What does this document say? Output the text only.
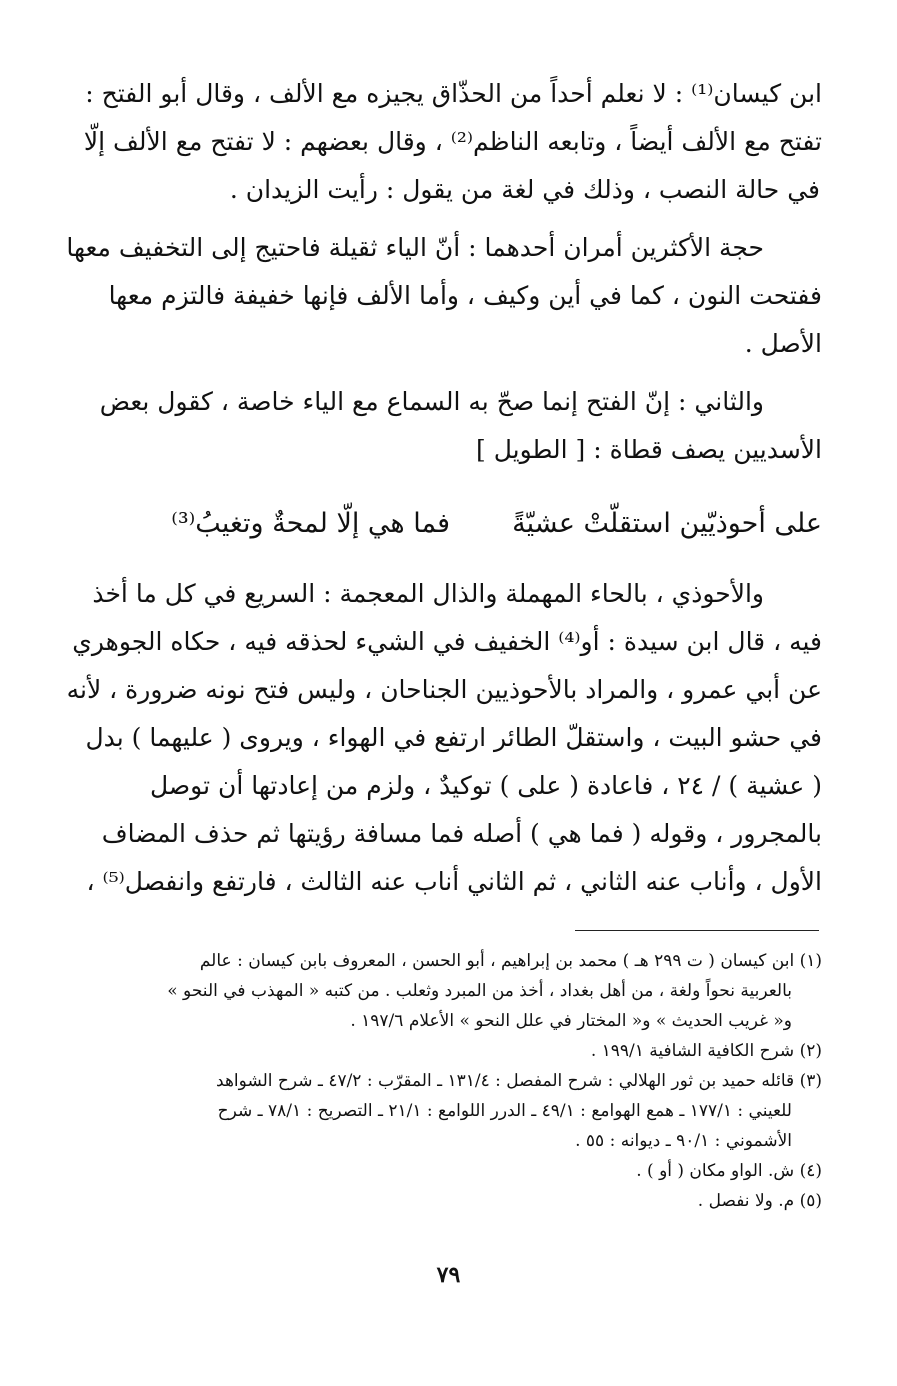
ابن كيسان⁽¹⁾ : لا نعلم أحداً من الحذّاق يجيزه مع الألف ، وقال أبو الفتح :
تفتح مع الألف أيضاً ، وتابعه الناظم⁽²⁾ ، وقال بعضهم : لا تفتح مع الألف إلّا
في حالة النصب ، وذلك في لغة من يقول : رأيت الزيدان .

حجة الأكثرين أمران أحدهما : أنّ الياء ثقيلة فاحتيج إلى التخفيف معها
ففتحت النون ، كما في أين وكيف ، وأما الألف فإنها خفيفة فالتزم معها
الأصل .

والثاني : إنّ الفتح إنما صحّ به السماع مع الياء خاصة ، كقول بعض
الأسديين يصف قطاة : [ الطويل ]

على أحوذيّين استقلّتْ عشيّةً
فما هي إلّا لمحةٌ وتغيبُ⁽³⁾
والأحوذي ، بالحاء المهملة والذال المعجمة : السريع في كل ما أخذ
فيه ، قال ابن سيدة : أو⁽⁴⁾ الخفيف في الشيء لحذقه فيه ، حكاه الجوهري
عن أبي عمرو ، والمراد بالأحوذيين الجناحان ، وليس فتح نونه ضرورة ، لأنه
في حشو البيت ، واستقلّ الطائر ارتفع في الهواء ، ويروى ( عليهما ) بدل
( عشية ) / ٢٤ ، فاعادة ( على ) توكيدٌ ، ولزم من إعادتها أن توصل
بالمجرور ، وقوله ( فما هي ) أصله فما مسافة رؤيتها ثم حذف المضاف
الأول ، وأناب عنه الثاني ، ثم الثاني أناب عنه الثالث ، فارتفع وانفصل⁽⁵⁾ ،

(١) ابن كيسان ( ت ٢٩٩ هـ ) محمد بن إبراهيم ، أبو الحسن ، المعروف بابن كيسان : عالم

بالعربية نحواً ولغة ، من أهل بغداد ، أخذ من المبرد وثعلب . من كتبه « المهذب في النحو »

و« غريب الحديث » و« المختار في علل النحو » الأعلام ١٩٧/٦ .

(٢) شرح الكافية الشافية ١٩٩/١ .

(٣) قائله حميد بن ثور الهلالي : شرح المفصل : ١٣١/٤ ـ المقرّب : ٤٧/٢ ـ شرح الشواهد

للعيني : ١٧٧/١ ـ همع الهوامع : ٤٩/١ ـ الدرر اللوامع : ٢١/١ ـ التصريح : ٧٨/١ ـ شرح

الأشموني : ٩٠/١ ـ ديوانه : ٥٥ .

(٤) ش. الواو مكان ( أو ) .

(٥) م. ولا نفصل .

٧٩
